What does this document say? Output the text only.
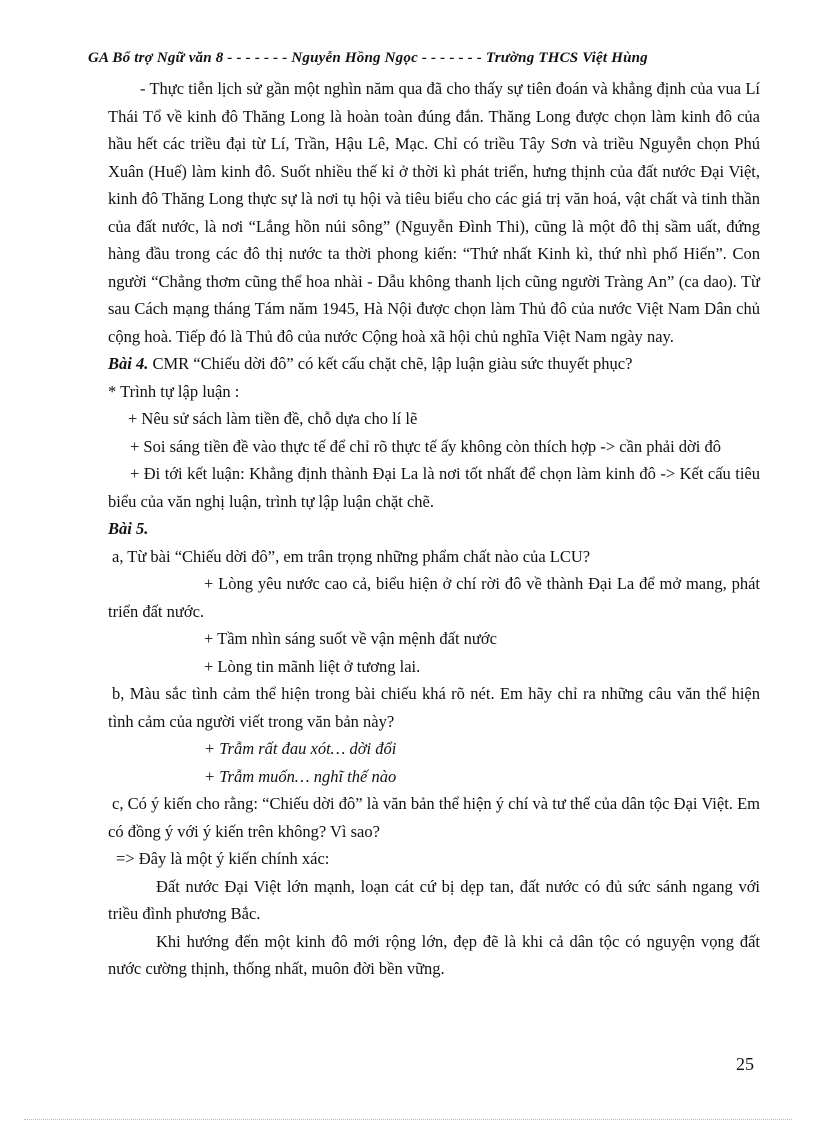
GA Bổ trợ Ngữ văn 8 - - - - - - - Nguyễn Hồng Ngọc - - - - - - - Trường THCS Việt Hùng

- Thực tiễn lịch sử gần một nghìn năm qua đã cho thấy sự tiên đoán và khẳng định của vua Lí Thái Tổ về kinh đô Thăng Long là hoàn toàn đúng đắn. Thăng Long được chọn làm kinh đô của hầu hết các triều đại từ Lí, Trần, Hậu Lê, Mạc. Chỉ có triều Tây Sơn và triều Nguyễn chọn Phú Xuân (Huế) làm kinh đô. Suốt nhiều thế kỉ ở thời kì phát triển, hưng thịnh của đất nước Đại Việt, kinh đô Thăng Long thực sự là nơi tụ hội và tiêu biểu cho các giá trị văn hoá, vật chất và tinh thần của đất nước, là nơi “Lắng hồn núi sông” (Nguyễn Đình Thi), cũng là một đô thị sầm uất, đứng hàng đầu trong các đô thị nước ta thời phong kiến: “Thứ nhất Kinh kì, thứ nhì phố Hiến”. Con người “Chẳng thơm cũng thể hoa nhài - Dẫu không thanh lịch cũng người Tràng An” (ca dao). Từ sau Cách mạng tháng Tám năm 1945, Hà Nội được chọn làm Thủ đô của nước Việt Nam Dân chủ cộng hoà. Tiếp đó là Thủ đô của nước Cộng hoà xã hội chủ nghĩa Việt Nam ngày nay.

Bài 4. CMR “Chiếu dời đô” có kết cấu chặt chẽ, lập luận giàu sức thuyết phục?

* Trình tự lập luận :

+ Nêu sử sách làm tiền đề, chỗ dựa cho lí lẽ

+ Soi sáng tiền đề vào thực tế để chỉ rõ thực tế ấy không còn thích hợp -> cần phải dời đô

+ Đi tới kết luận: Khẳng định thành Đại La là nơi tốt nhất để chọn làm kinh đô -> Kết cấu tiêu biểu của văn nghị luận, trình tự lập luận chặt chẽ.

Bài 5.

a, Từ bài “Chiếu dời đô”, em trân trọng những phẩm chất nào của LCU?

+ Lòng yêu nước cao cả, biểu hiện ở chí rời đô về thành Đại La để mở mang, phát triển đất nước.

+ Tầm nhìn sáng suốt về vận mệnh đất nước

+ Lòng tin mãnh liệt ở tương lai.

b, Màu sắc tình cảm thể hiện trong bài chiếu khá rõ nét. Em hãy chỉ ra những câu văn thể hiện tình cảm của người viết trong văn bản này?

+ Trẫm rất đau xót… dời đổi

+ Trẫm muốn… nghĩ thế nào

c, Có ý kiến cho rằng: “Chiếu dời đô” là văn bản thể hiện ý chí và tư thế của dân tộc Đại Việt. Em có đồng ý với ý kiến trên không? Vì sao?

=> Đây là một ý kiến chính xác:

Đất nước Đại Việt lớn mạnh, loạn cát cứ bị dẹp tan, đất nước có đủ sức sánh ngang với triều đình phương Bắc.

Khi hướng đến một kinh đô mới rộng lớn, đẹp đẽ là khi cả dân tộc có nguyện vọng đất nước cường thịnh, thống nhất, muôn đời bền vững.

25
